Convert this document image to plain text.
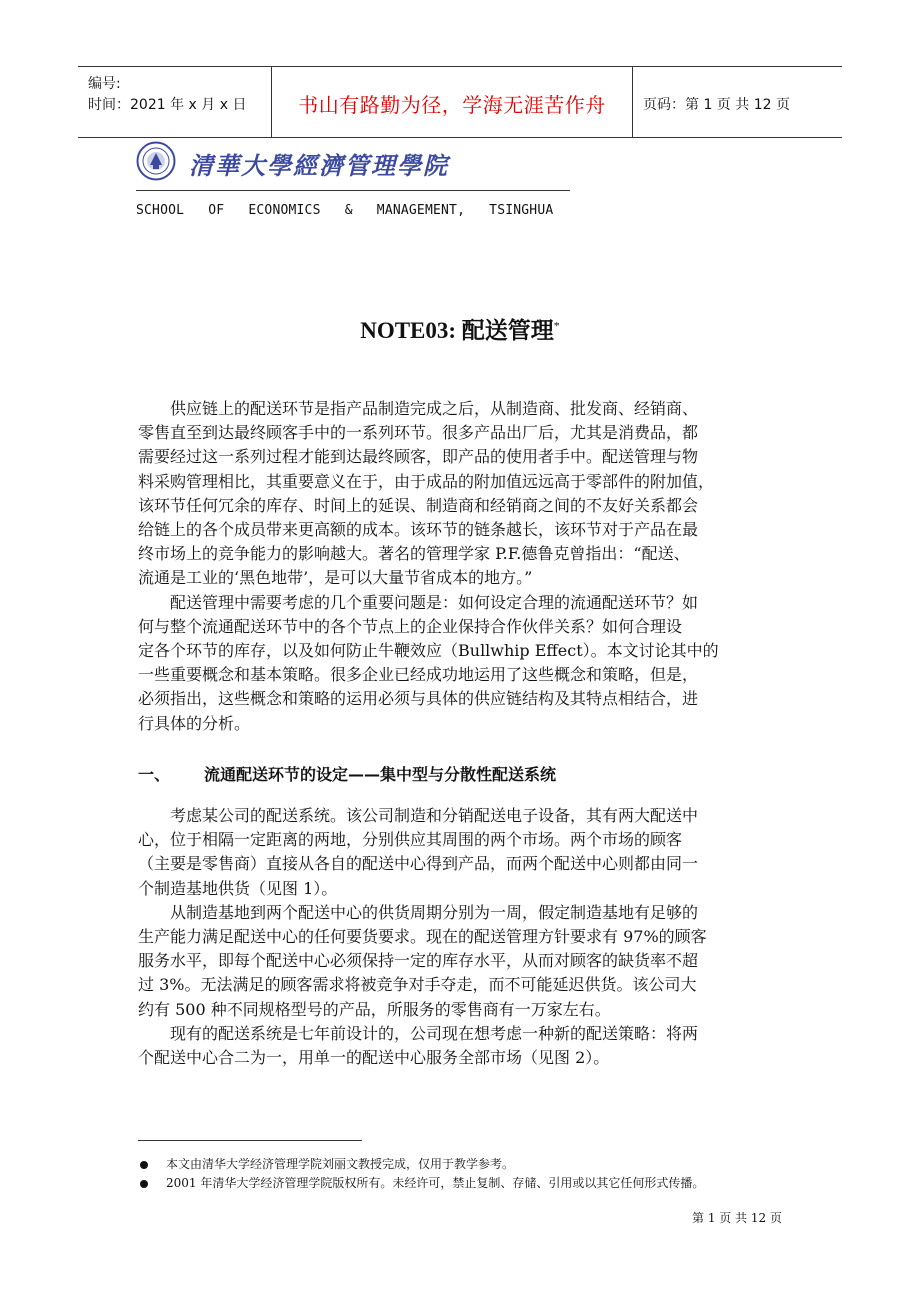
编号:
时间：2021 年 x 月 x 日	书山有路勤为径，学海无涯苦作舟	页码：第 1 页 共 12 页
清華大學經濟管理學院
SCHOOL   OF   ECONOMICS   &   MANAGEMENT,   TSINGHUA
NOTE03: 配送管理*
　　供应链上的配送环节是指产品制造完成之后，从制造商、批发商、经销商、
零售直至到达最终顾客手中的一系列环节。很多产品出厂后，尤其是消费品，都
需要经过这一系列过程才能到达最终顾客，即产品的使用者手中。配送管理与物
料采购管理相比，其重要意义在于，由于成品的附加值远远高于零部件的附加值，
该环节任何冗余的库存、时间上的延误、制造商和经销商之间的不友好关系都会
给链上的各个成员带来更高额的成本。该环节的链条越长，该环节对于产品在最
终市场上的竞争能力的影响越大。著名的管理学家 P.F.德鲁克曾指出：“配送、
流通是工业的‘黑色地带’，是可以大量节省成本的地方。”
　　配送管理中需要考虑的几个重要问题是：如何设定合理的流通配送环节？如
何与整个流通配送环节中的各个节点上的企业保持合作伙伴关系？如何合理设
定各个环节的库存，以及如何防止牛鞭效应（Bullwhip Effect）。本文讨论其中的
一些重要概念和基本策略。很多企业已经成功地运用了这些概念和策略，但是，
必须指出，这些概念和策略的运用必须与具体的供应链结构及其特点相结合，进
行具体的分析。
一、 流通配送环节的设定——集中型与分散性配送系统
　　考虑某公司的配送系统。该公司制造和分销配送电子设备，其有两大配送中
心，位于相隔一定距离的两地，分别供应其周围的两个市场。两个市场的顾客
（主要是零售商）直接从各自的配送中心得到产品，而两个配送中心则都由同一
个制造基地供货（见图 1）。
　　从制造基地到两个配送中心的供货周期分别为一周，假定制造基地有足够的
生产能力满足配送中心的任何要货要求。现在的配送管理方针要求有 97%的顾客
服务水平，即每个配送中心必须保持一定的库存水平，从而对顾客的缺货率不超
过 3%。无法满足的顾客需求将被竞争对手夺走，而不可能延迟供货。该公司大
约有 500 种不同规格型号的产品，所服务的零售商有一万家左右。
　　现有的配送系统是七年前设计的，公司现在想考虑一种新的配送策略：将两
个配送中心合二为一，用单一的配送中心服务全部市场（见图 2）。
本文由清华大学经济管理学院刘丽文教授完成，仅用于教学参考。
2001 年清华大学经济管理学院版权所有。未经许可，禁止复制、存储、引用或以其它任何形式传播。
第 1 页 共 12 页
